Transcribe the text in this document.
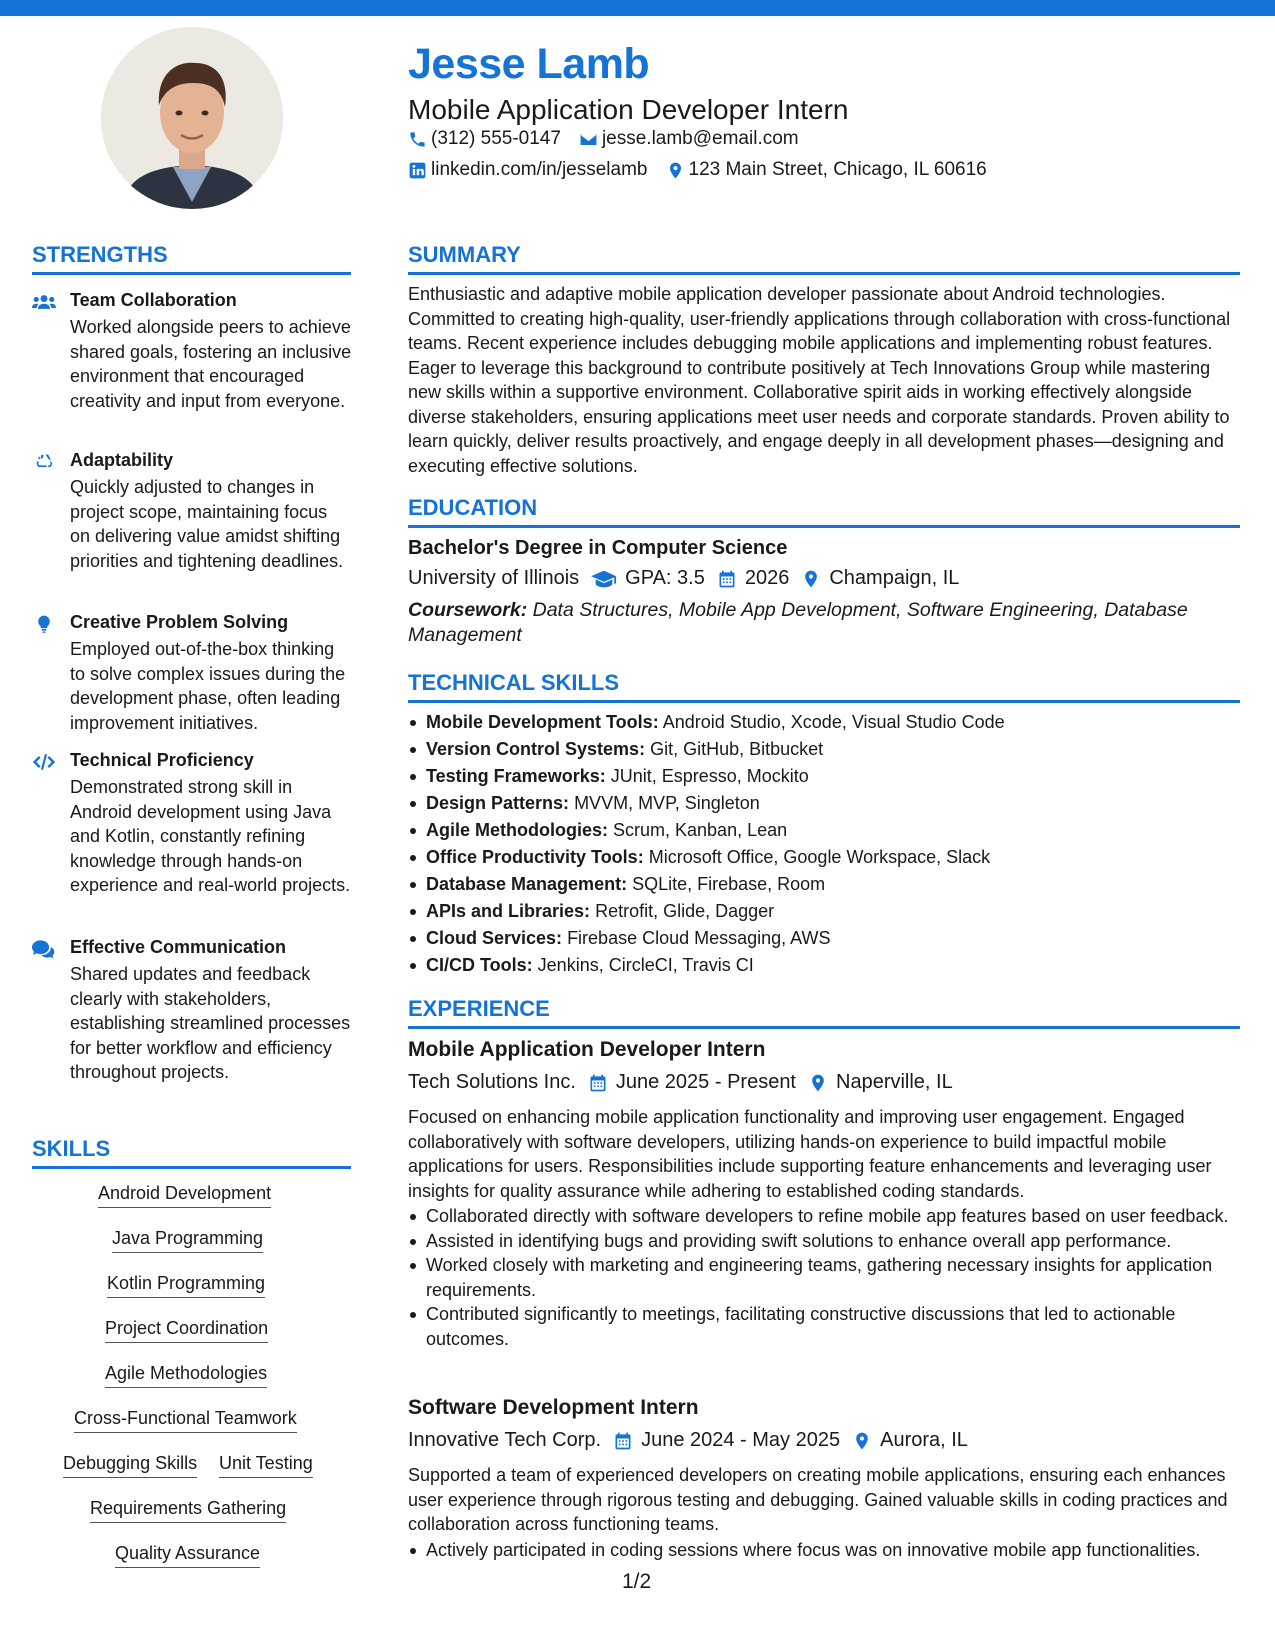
Jesse Lamb
Mobile Application Developer Intern
(312) 555-0147 jesse.lamb@email.com
linkedin.com/in/jesselamb 123 Main Street, Chicago, IL 60616
STRENGTHS
Team Collaboration
Worked alongside peers to achieve shared goals, fostering an inclusive environment that encouraged creativity and input from everyone.
Adaptability
Quickly adjusted to changes in project scope, maintaining focus on delivering value amidst shifting priorities and tightening deadlines.
Creative Problem Solving
Employed out-of-the-box thinking to solve complex issues during the development phase, often leading improvement initiatives.
Technical Proficiency
Demonstrated strong skill in Android development using Java and Kotlin, constantly refining knowledge through hands-on experience and real-world projects.
Effective Communication
Shared updates and feedback clearly with stakeholders, establishing streamlined processes for better workflow and efficiency throughout projects.
SKILLS
Android Development
Java Programming
Kotlin Programming
Project Coordination
Agile Methodologies
Cross-Functional Teamwork
Debugging Skills Unit Testing
Requirements Gathering
Quality Assurance
SUMMARY
Enthusiastic and adaptive mobile application developer passionate about Android technologies. Committed to creating high-quality, user-friendly applications through collaboration with cross-functional teams. Recent experience includes debugging mobile applications and implementing robust features. Eager to leverage this background to contribute positively at Tech Innovations Group while mastering new skills within a supportive environment. Collaborative spirit aids in working effectively alongside diverse stakeholders, ensuring applications meet user needs and corporate standards. Proven ability to learn quickly, deliver results proactively, and engage deeply in all development phases—designing and executing effective solutions.
EDUCATION
Bachelor's Degree in Computer Science
University of Illinois GPA: 3.5 2026 Champaign, IL
Coursework: Data Structures, Mobile App Development, Software Engineering, Database Management
TECHNICAL SKILLS
Mobile Development Tools: Android Studio, Xcode, Visual Studio Code
Version Control Systems: Git, GitHub, Bitbucket
Testing Frameworks: JUnit, Espresso, Mockito
Design Patterns: MVVM, MVP, Singleton
Agile Methodologies: Scrum, Kanban, Lean
Office Productivity Tools: Microsoft Office, Google Workspace, Slack
Database Management: SQLite, Firebase, Room
APIs and Libraries: Retrofit, Glide, Dagger
Cloud Services: Firebase Cloud Messaging, AWS
CI/CD Tools: Jenkins, CircleCI, Travis CI
EXPERIENCE
Mobile Application Developer Intern
Tech Solutions Inc. June 2025 - Present Naperville, IL
Focused on enhancing mobile application functionality and improving user engagement. Engaged collaboratively with software developers, utilizing hands-on experience to build impactful mobile applications for users. Responsibilities include supporting feature enhancements and leveraging user insights for quality assurance while adhering to established coding standards.
Collaborated directly with software developers to refine mobile app features based on user feedback.
Assisted in identifying bugs and providing swift solutions to enhance overall app performance.
Worked closely with marketing and engineering teams, gathering necessary insights for application requirements.
Contributed significantly to meetings, facilitating constructive discussions that led to actionable outcomes.
Software Development Intern
Innovative Tech Corp. June 2024 - May 2025 Aurora, IL
Supported a team of experienced developers on creating mobile applications, ensuring each enhances user experience through rigorous testing and debugging. Gained valuable skills in coding practices and collaboration across functioning teams.
Actively participated in coding sessions where focus was on innovative mobile app functionalities.
1/2
